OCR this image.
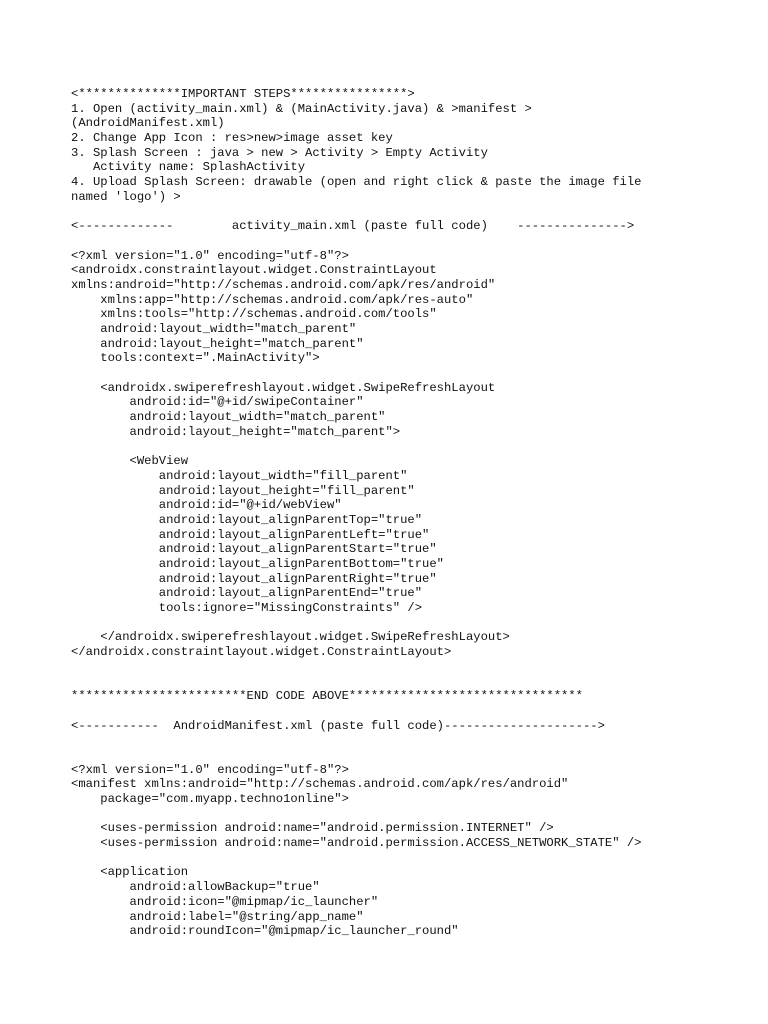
<**************IMPORTANT STEPS****************>
1. Open (activity_main.xml) & (MainActivity.java) & >manifest >
(AndroidManifest.xml)
2. Change App Icon : res>new>image asset key
3. Splash Screen : java > new > Activity > Empty Activity
Activity name: SplashActivity
4. Upload Splash Screen: drawable (open and right click & paste the image file
named 'logo') >
<-------------        activity_main.xml (paste full code)    --------------->
<?xml version="1.0" encoding="utf-8"?>
<androidx.constraintlayout.widget.ConstraintLayout
xmlns:android="http://schemas.android.com/apk/res/android"
xmlns:app="http://schemas.android.com/apk/res-auto"
xmlns:tools="http://schemas.android.com/tools"
android:layout_width="match_parent"
android:layout_height="match_parent"
tools:context=".MainActivity">
<androidx.swiperefreshlayout.widget.SwipeRefreshLayout
android:id="@+id/swipeContainer"
android:layout_width="match_parent"
android:layout_height="match_parent">
<WebView
android:layout_width="fill_parent"
android:layout_height="fill_parent"
android:id="@+id/webView"
android:layout_alignParentTop="true"
android:layout_alignParentLeft="true"
android:layout_alignParentStart="true"
android:layout_alignParentBottom="true"
android:layout_alignParentRight="true"
android:layout_alignParentEnd="true"
tools:ignore="MissingConstraints" />
</androidx.swiperefreshlayout.widget.SwipeRefreshLayout>
</androidx.constraintlayout.widget.ConstraintLayout>
************************END CODE ABOVE********************************
<-----------  AndroidManifest.xml (paste full code)--------------------->
<?xml version="1.0" encoding="utf-8"?>
<manifest xmlns:android="http://schemas.android.com/apk/res/android"
package="com.myapp.techno1online">
<uses-permission android:name="android.permission.INTERNET" />
<uses-permission android:name="android.permission.ACCESS_NETWORK_STATE" />
<application
android:allowBackup="true"
android:icon="@mipmap/ic_launcher"
android:label="@string/app_name"
android:roundIcon="@mipmap/ic_launcher_round"
